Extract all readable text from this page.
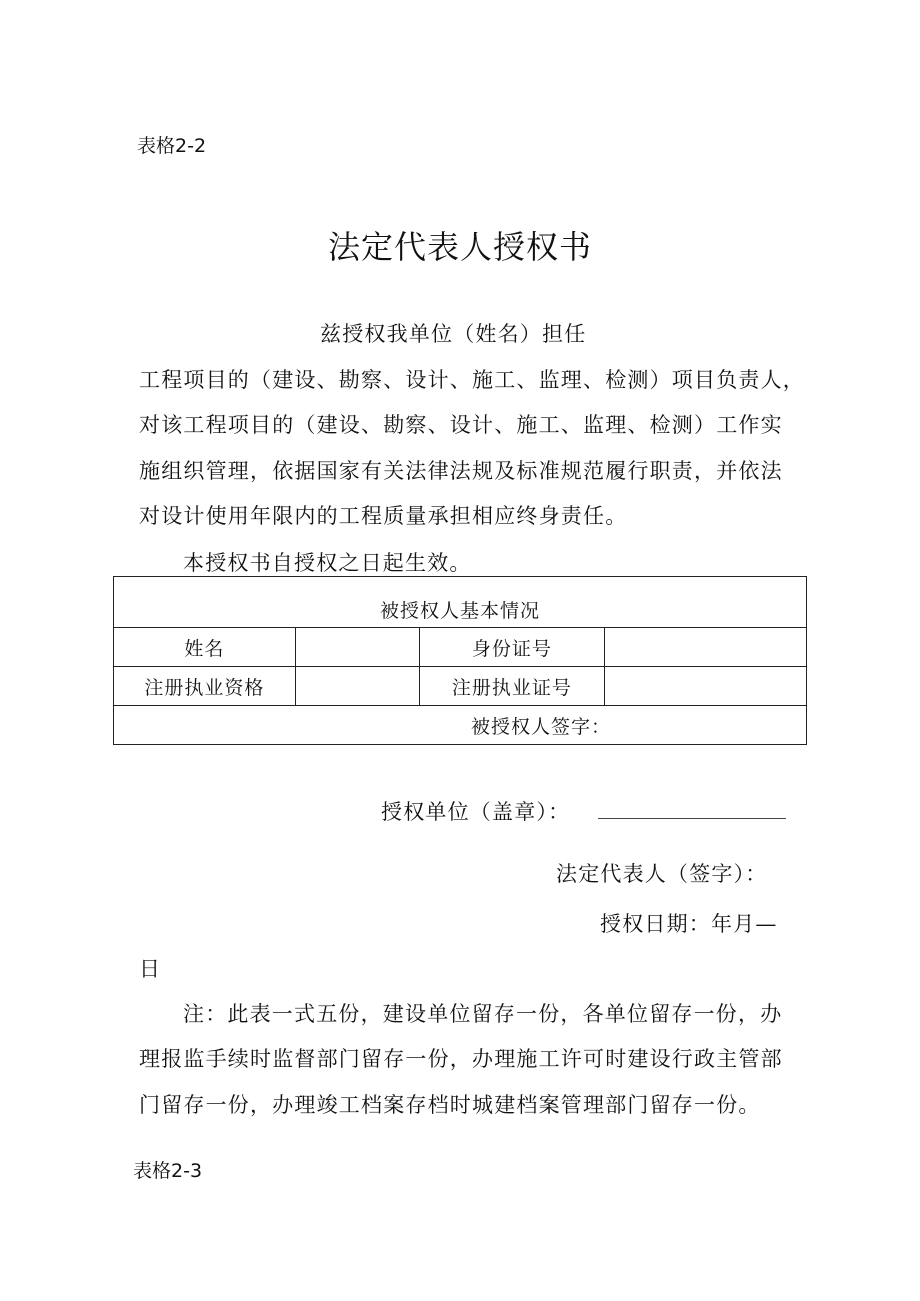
表格2-2
法定代表人授权书
兹授权我单位（姓名）担任
工程项目的（建设、勘察、设计、施工、监理、检测）项目负责人，
对该工程项目的（建设、勘察、设计、施工、监理、检测）工作实
施组织管理，依据国家有关法律法规及标准规范履行职责，并依法
对设计使用年限内的工程质量承担相应终身责任。
本授权书自授权之日起生效。
被授权人基本情况			
姓名		身份证号	
注册执业资格		注册执业证号	
被授权人签字：			
授权单位（盖章）：
法定代表人（签字）：
授权日期：年月—
日
注：此表一式五份，建设单位留存一份，各单位留存一份，办
理报监手续时监督部门留存一份，办理施工许可时建设行政主管部
门留存一份，办理竣工档案存档时城建档案管理部门留存一份。
表格2-3
